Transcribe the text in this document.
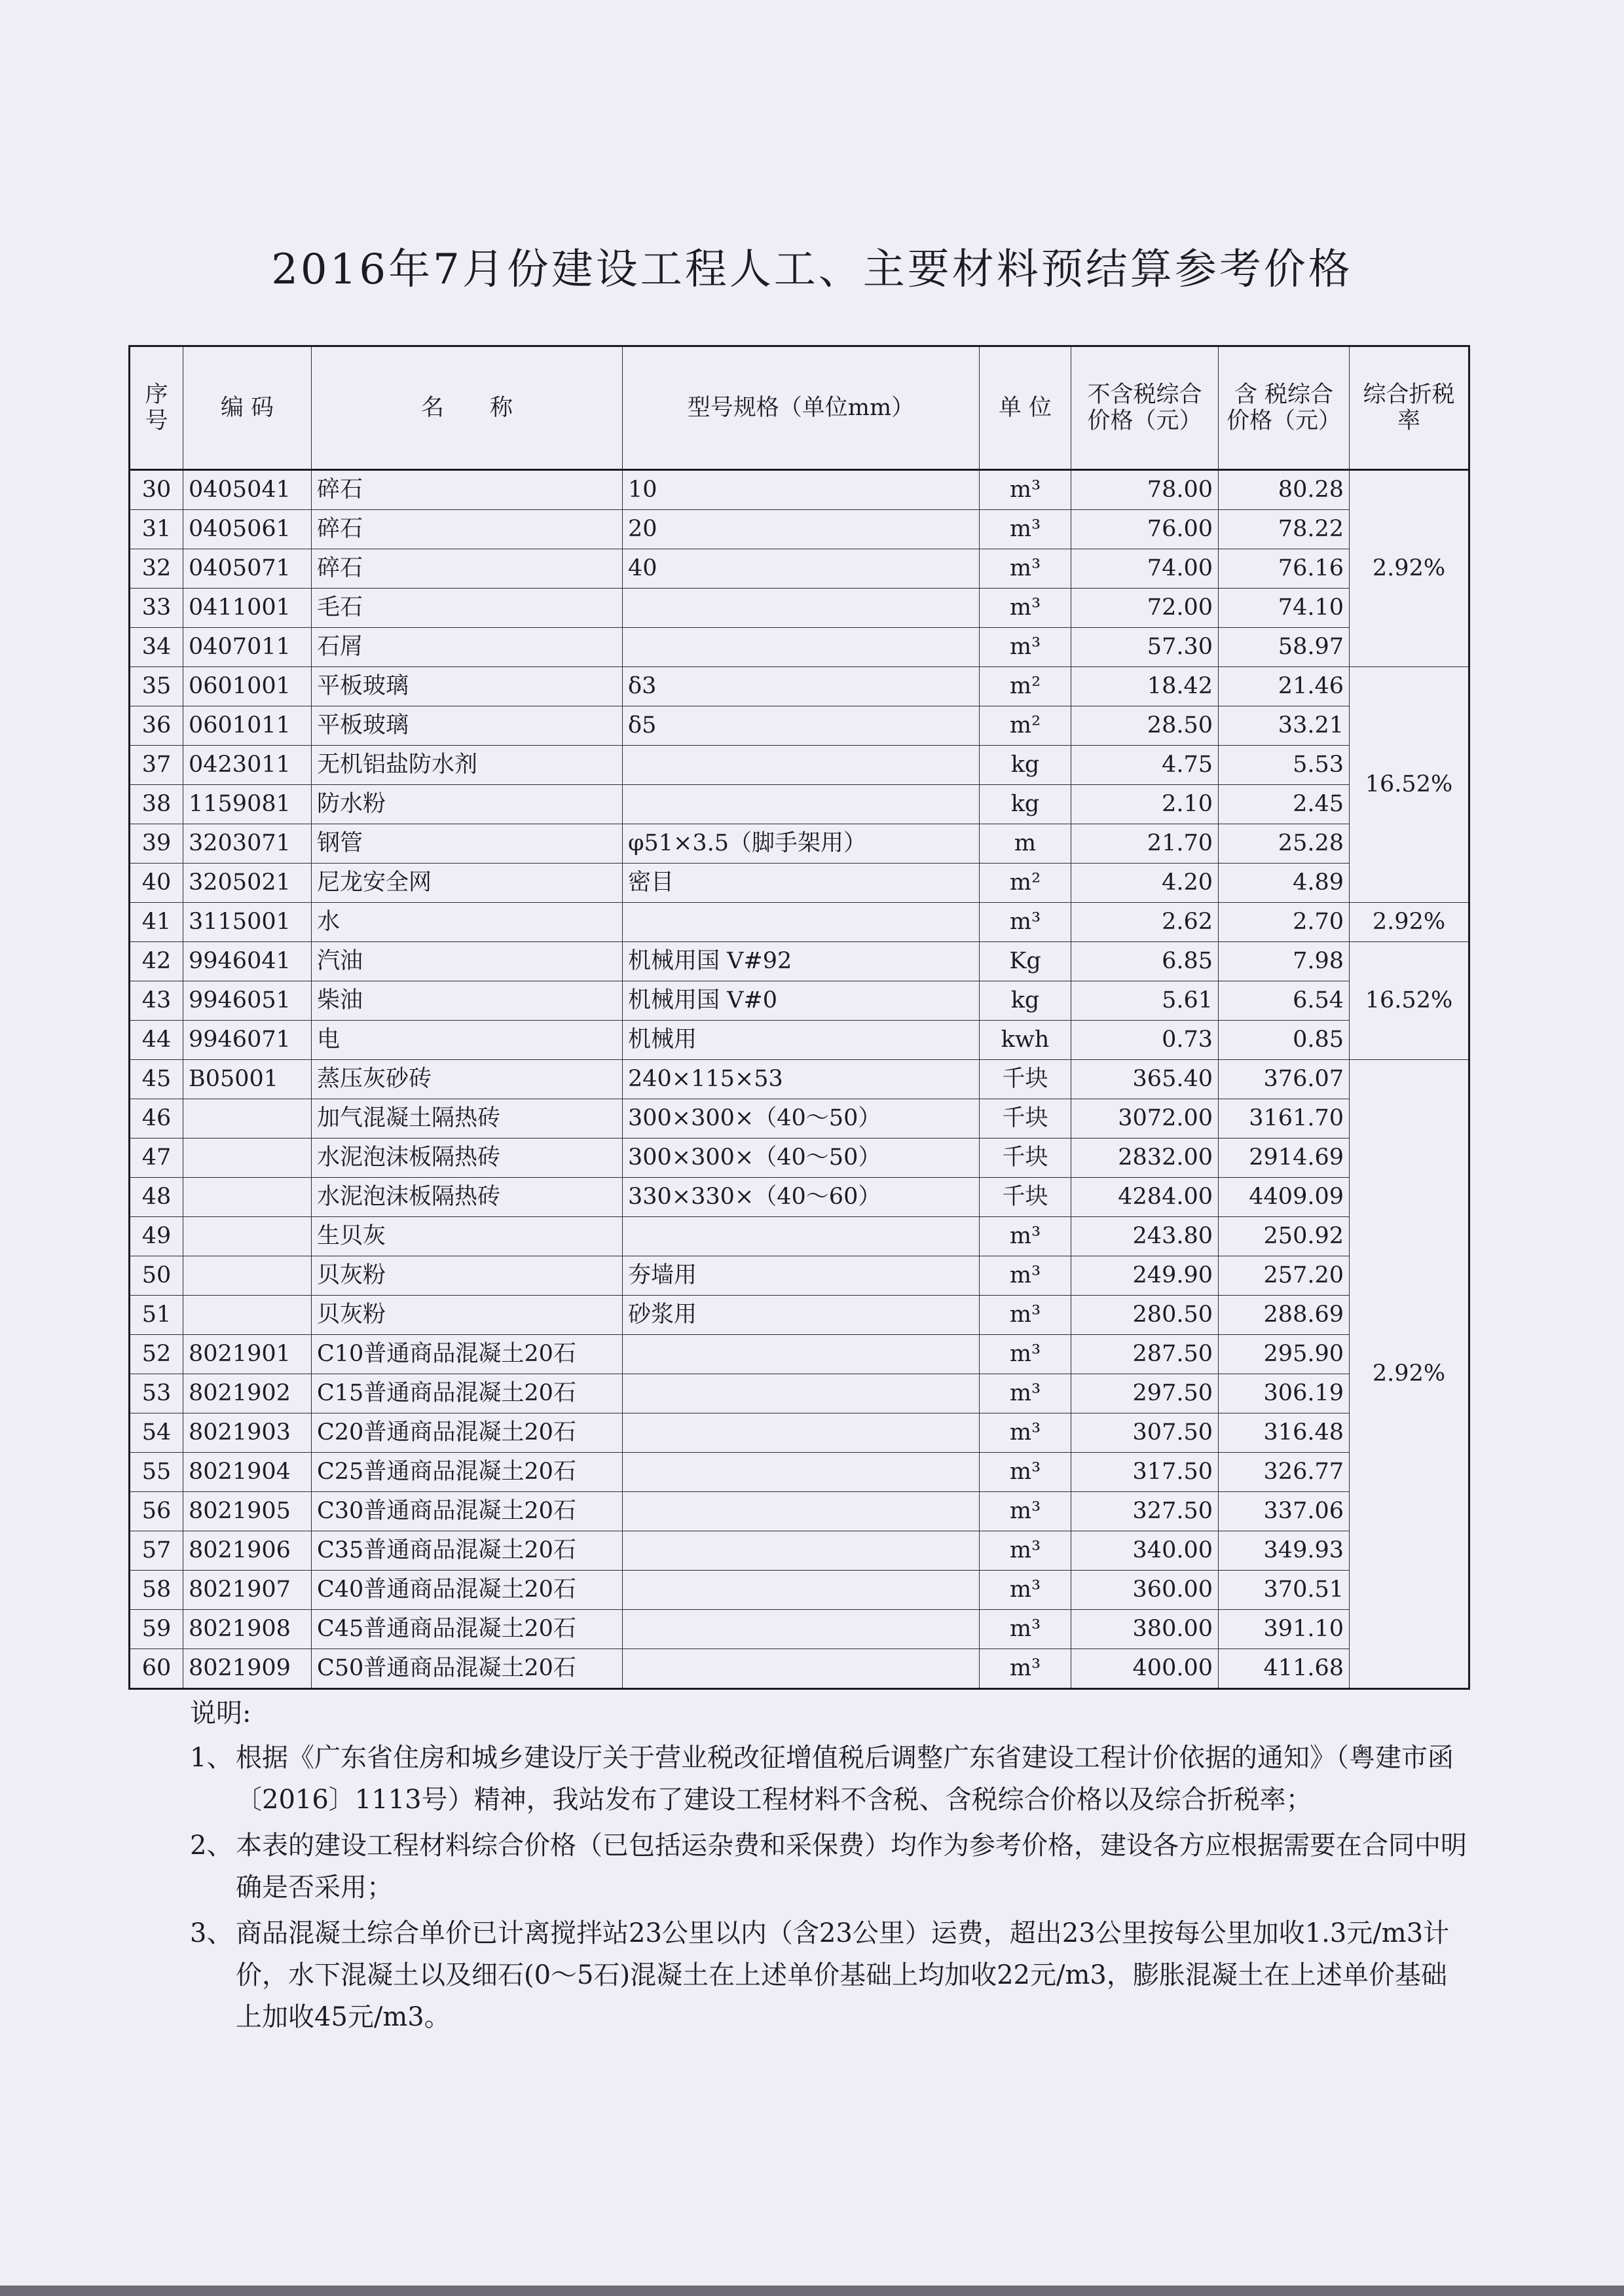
2016年7月份建设工程人工、主要材料预结算参考价格
序号	编 码	名　　称	型号规格（单位mm）	单 位	不含税综合价格（元）	含 税综合价格（元）	综合折税率
30	0405041	碎石	10	m³	78.00	80.28	2.92%
31	0405061	碎石	20	m³	76.00	78.22	
32	0405071	碎石	40	m³	74.00	76.16	
33	0411001	毛石		m³	72.00	74.10	
34	0407011	石屑		m³	57.30	58.97	
35	0601001	平板玻璃	δ3	m²	18.42	21.46	16.52%
36	0601011	平板玻璃	δ5	m²	28.50	33.21	
37	0423011	无机铝盐防水剂		kg	4.75	5.53	
38	1159081	防水粉		kg	2.10	2.45	
39	3203071	钢管	φ51×3.5（脚手架用）	m	21.70	25.28	
40	3205021	尼龙安全网	密目	m²	4.20	4.89	
41	3115001	水		m³	2.62	2.70	2.92%
42	9946041	汽油	机械用国 V#92	Kg	6.85	7.98	16.52%
43	9946051	柴油	机械用国 V#0	kg	5.61	6.54	
44	9946071	电	机械用	kwh	0.73	0.85	
45	B05001	蒸压灰砂砖	240×115×53	千块	365.40	376.07	2.92%
46		加气混凝土隔热砖	300×300×（40～50）	千块	3072.00	3161.70	
47		水泥泡沫板隔热砖	300×300×（40～50）	千块	2832.00	2914.69	
48		水泥泡沫板隔热砖	330×330×（40～60）	千块	4284.00	4409.09	
49		生贝灰		m³	243.80	250.92	
50		贝灰粉	夯墙用	m³	249.90	257.20	
51		贝灰粉	砂浆用	m³	280.50	288.69	
52	8021901	C10普通商品混凝土20石		m³	287.50	295.90	
53	8021902	C15普通商品混凝土20石		m³	297.50	306.19	
54	8021903	C20普通商品混凝土20石		m³	307.50	316.48	
55	8021904	C25普通商品混凝土20石		m³	317.50	326.77	
56	8021905	C30普通商品混凝土20石		m³	327.50	337.06	
57	8021906	C35普通商品混凝土20石		m³	340.00	349.93	
58	8021907	C40普通商品混凝土20石		m³	360.00	370.51	
59	8021908	C45普通商品混凝土20石		m³	380.00	391.10	
60	8021909	C50普通商品混凝土20石		m³	400.00	411.68	
说明:
1、 根据《广东省住房和城乡建设厅关于营业税改征增值税后调整广东省建设工程计价依据的通知》（粤建市函〔2016〕1113号）精神，我站发布了建设工程材料不含税、含税综合价格以及综合折税率；
2、 本表的建设工程材料综合价格（已包括运杂费和采保费）均作为参考价格，建设各方应根据需要在合同中明确是否采用；
3、 商品混凝土综合单价已计离搅拌站23公里以内（含23公里）运费，超出23公里按每公里加收1.3元/m3计价，水下混凝土以及细石(0～5石)混凝土在上述单价基础上均加收22元/m3，膨胀混凝土在上述单价基础上加收45元/m3。
